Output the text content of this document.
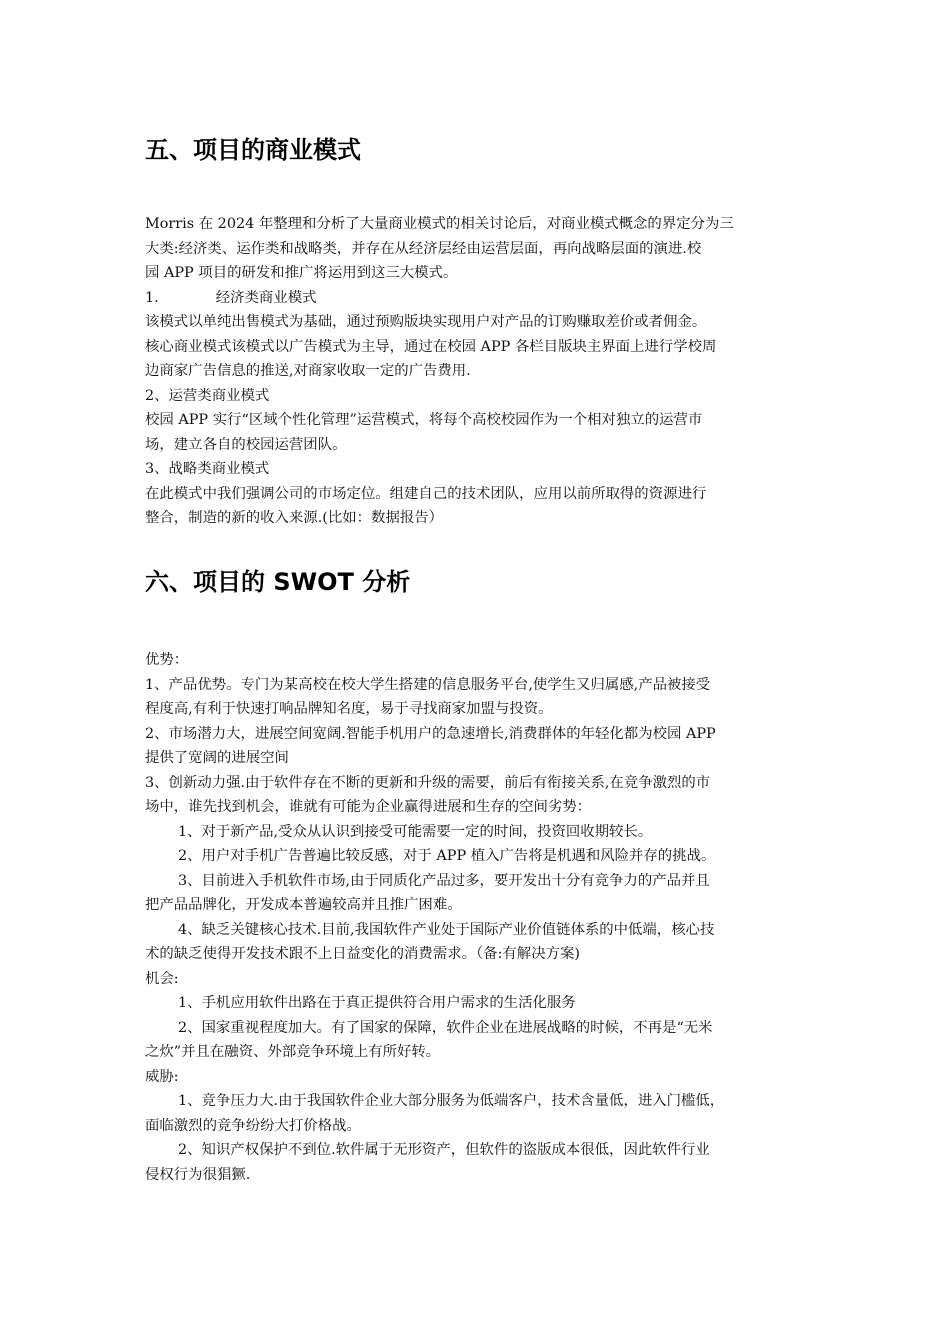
五、项目的商业模式
Morris 在 2024 年整理和分析了大量商业模式的相关讨论后，对商业模式概念的界定分为三
大类:经济类、运作类和战略类，并存在从经济层经由运营层面，再向战略层面的演进.校
园 APP 项目的研发和推广将运用到这三大模式。
1.	经济类商业模式
该模式以单纯出售模式为基础，通过预购版块实现用户对产品的订购赚取差价或者佣金。
核心商业模式该模式以广告模式为主导，通过在校园 APP 各栏目版块主界面上进行学校周
边商家广告信息的推送,对商家收取一定的广告费用.
2、运营类商业模式
校园 APP 实行“区域个性化管理”运营模式，将每个高校校园作为一个相对独立的运营市
场，建立各自的校园运营团队。
3、战略类商业模式
在此模式中我们强调公司的市场定位。组建自己的技术团队，应用以前所取得的资源进行
整合，制造的新的收入来源.(比如：数据报告）
六、项目的 SWOT 分析
优势：
1、产品优势。专门为某高校在校大学生搭建的信息服务平台,使学生又归属感,产品被接受
程度高,有利于快速打响品牌知名度，易于寻找商家加盟与投资。
2、市场潜力大，进展空间宽阔.智能手机用户的急速增长,消费群体的年轻化都为校园 APP
提供了宽阔的进展空间
3、创新动力强.由于软件存在不断的更新和升级的需要，前后有衔接关系,在竞争激烈的市
场中，谁先找到机会，谁就有可能为企业赢得进展和生存的空间劣势：
1、对于新产品,受众从认识到接受可能需要一定的时间，投资回收期较长。
2、用户对手机广告普遍比较反感，对于 APP 植入广告将是机遇和风险并存的挑战。
3、目前进入手机软件市场,由于同质化产品过多，要开发出十分有竞争力的产品并且
把产品品牌化，开发成本普遍较高并且推广困难。
4、缺乏关键核心技术.目前,我国软件产业处于国际产业价值链体系的中低端，核心技
术的缺乏使得开发技术跟不上日益变化的消费需求。（备:有解决方案)
机会:
1、手机应用软件出路在于真正提供符合用户需求的生活化服务
2、国家重视程度加大。有了国家的保障，软件企业在进展战略的时候，不再是“无米
之炊”并且在融资、外部竞争环境上有所好转。
威胁:
1、竞争压力大.由于我国软件企业大部分服务为低端客户，技术含量低，进入门槛低，
面临激烈的竞争纷纷大打价格战。
2、知识产权保护不到位.软件属于无形资产，但软件的盗版成本很低，因此软件行业
侵权行为很猖獗.
